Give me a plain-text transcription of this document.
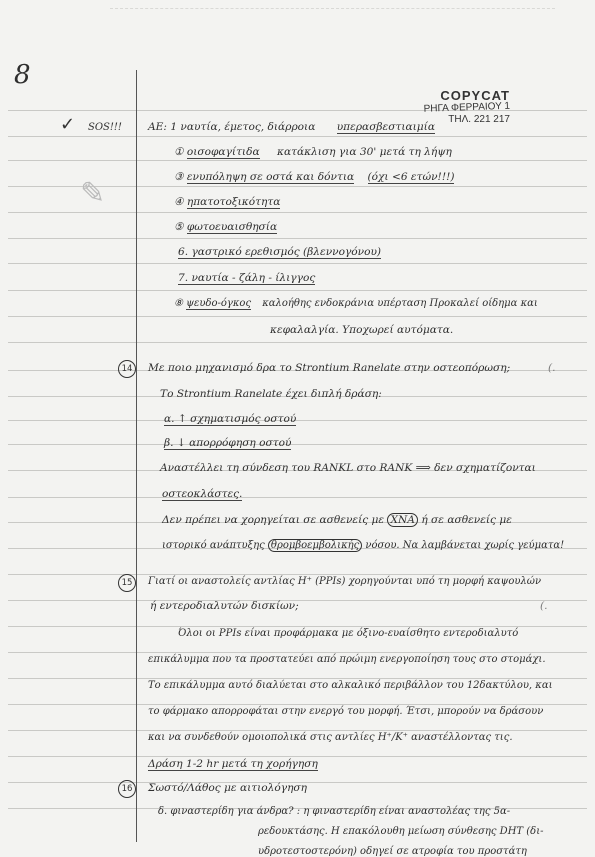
8
COPYCAT
ΡΗΓΑ ΦΕΡΡΑΙΟΥ 1
ΤΗΛ. 221 217
✓ SOS!!!
✎
ΑΕ: 1 ναυτία, έμετος, διάρροια υπερασβεστιαιμία
① οισοφαγίτιδα κατάκλιση για 30' μετά τη λήψη
③ ενυπόληψη σε οστά και δόντια (όχι <6 ετών!!!)
④ ηπατοτοξικότητα
⑤ φωτοευαισθησία
6. γαστρικό ερεθισμός (βλεννογόνου)
7. ναυτία - ζάλη - ίλιγγος
⑧ ψευδο-όγκος καλοήθης ενδοκράνια υπέρταση Προκαλεί οίδημα και
κεφαλαλγία. Υποχωρεί αυτόματα.
14	Με ποιο μηχανισμό δρα το Strontium Ranelate στην οστεοπόρωση;	(.
Το Strontium Ranelate έχει διπλή δράση:
α. ↑ σχηματισμός οστού
β. ↓ απορρόφηση οστού
Αναστέλλει τη σύνδεση του RANKL στο RANK ⟹ δεν σχηματίζονται
οστεοκλάστες.
Δεν πρέπει να χορηγείται σε ασθενείς με ΧΝΑ ή σε ασθενείς με
ιστορικό ανάπτυξης θρομβοεμβολικής νόσου. Να λαμβάνεται χωρίς γεύματα!
15	Γιατί οι αναστολείς αντλίας H⁺ (PPIs) χορηγούνται υπό τη μορφή καψουλών
ή εντεροδιαλυτών δισκίων;	(.
Όλοι οι PPIs είναι προφάρμακα με όξινο-ευαίσθητο εντεροδιαλυτό
επικάλυμμα που τα προστατεύει από πρώιμη ενεργοποίηση τους στο στομάχι.
Το επικάλυμμα αυτό διαλύεται στο αλκαλικό περιβάλλον του 12δακτύλου, και
το φάρμακο απορροφάται στην ενεργό του μορφή. Έτσι, μπορούν να δράσουν
και να συνδεθούν ομοιοπολικά στις αντλίες H⁺/K⁺ αναστέλλοντας τις.
Δράση 1-2 hr μετά τη χορήγηση
16	Σωστό/Λάθος με αιτιολόγηση
δ. φιναστερίδη για άνδρα? : η φιναστερίδη είναι αναστολέας της 5α-
ρεδουκτάσης. Η επακόλουθη μείωση σύνθεσης DHT (δι-
υδροτεστοστερόνη) οδηγεί σε ατροφία του προστάτη
